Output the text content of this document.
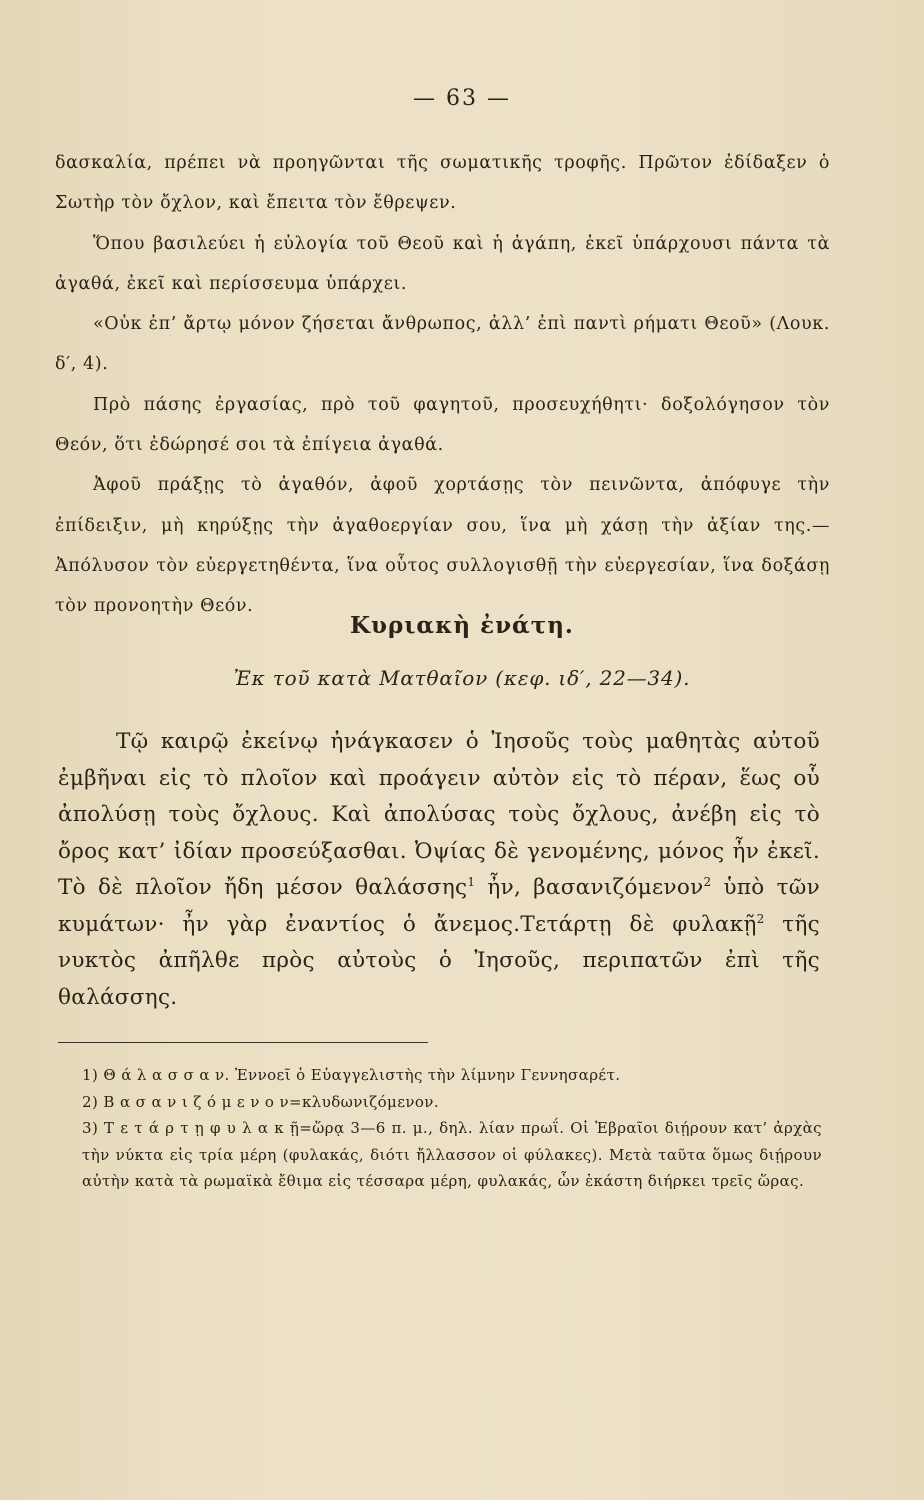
— 63 —

δασκαλία, πρέπει νὰ προηγῶνται τῆς σωματικῆς τροφῆς. Πρῶτον ἐδίδαξεν ὁ Σωτὴρ τὸν ὄχλον, καὶ ἔπειτα τὸν ἔθρεψεν.

Ὅπου βασιλεύει ἡ εὐλογία τοῦ Θεοῦ καὶ ἡ ἀγάπη, ἐκεῖ ὑπάρχουσι πάντα τὰ ἀγαθά, ἐκεῖ καὶ περίσσευμα ὑπάρχει.

«Οὐκ ἐπ’ ἄρτῳ μόνον ζήσεται ἄνθρωπος, ἀλλ’ ἐπὶ παντὶ ρήματι Θεοῦ» (Λουκ. δ′, 4).

Πρὸ πάσης ἐργασίας, πρὸ τοῦ φαγητοῦ, προσευχήθητι· δοξολόγησον τὸν Θεόν, ὅτι ἐδώρησέ σοι τὰ ἐπίγεια ἀγαθά.

Ἀφοῦ πράξῃς τὸ ἀγαθόν, ἀφοῦ χορτάσῃς τὸν πεινῶντα, ἀπόφυγε τὴν ἐπίδειξιν, μὴ κηρύξῃς τὴν ἀγαθοεργίαν σου, ἵνα μὴ χάσῃ τὴν ἀξίαν της.— Ἀπόλυσον τὸν εὐεργετηθέντα, ἵνα οὗτος συλλογισθῇ τὴν εὐεργεσίαν, ἵνα δοξάσῃ τὸν προνοητὴν Θεόν.

Κυριακὴ ἐνάτη.
Ἐκ τοῦ κατὰ Ματθαῖον (κεφ. ιδ′, 22—34).

Τῷ καιρῷ ἐκείνῳ ἠνάγκασεν ὁ Ἰησοῦς τοὺς μαθητὰς αὐτοῦ ἐμβῆναι εἰς τὸ πλοῖον καὶ προάγειν αὐτὸν εἰς τὸ πέραν, ἕως οὗ ἀπολύσῃ τοὺς ὄχλους. Καὶ ἀπολύσας τοὺς ὄχλους, ἀνέβη εἰς τὸ ὄρος κατ’ ἰδίαν προσεύξασθαι. Ὀψίας δὲ γενομένης, μόνος ἦν ἐκεῖ. Τὸ δὲ πλοῖον ἤδη μέσον θαλάσσης$^1$ ἦν, βασανιζόμενον$^2$ ὑπὸ τῶν κυμάτων· ἦν γὰρ ἐναντίος ὁ ἄνεμος.Τετάρτῃ δὲ φυλακῇ$^2$ τῆς νυκτὸς ἀπῆλθε πρὸς αὐτοὺς ὁ Ἰησοῦς, περιπατῶν ἐπὶ τῆς θαλάσσης.

1) Θ ά λ α σ σ α ν. Ἐννοεῖ ὁ Εὐαγγελιστὴς τὴν λίμνην Γεννησαρέτ.

2) Β α σ α ν ι ζ ό μ ε ν ο ν=κλυδωνιζόμενον.

3) Τ ε τ ά ρ τ ῃ φ υ λ α κ ῇ=ὥρᾳ 3—6 π. μ., δηλ. λίαν πρωΐ. Οἱ Ἑβραῖοι διῄρουν κατ’ ἀρχὰς τὴν νύκτα εἰς τρία μέρη (φυλακάς, διότι ἤλλασσον οἱ φύλακες). Μετὰ ταῦτα ὅμως διῄρουν αὐτὴν κατὰ τὰ ρωμαϊκὰ ἔθιμα εἰς τέσσαρα μέρη, φυλακάς, ὧν ἑκάστη διήρκει τρεῖς ὥρας.
